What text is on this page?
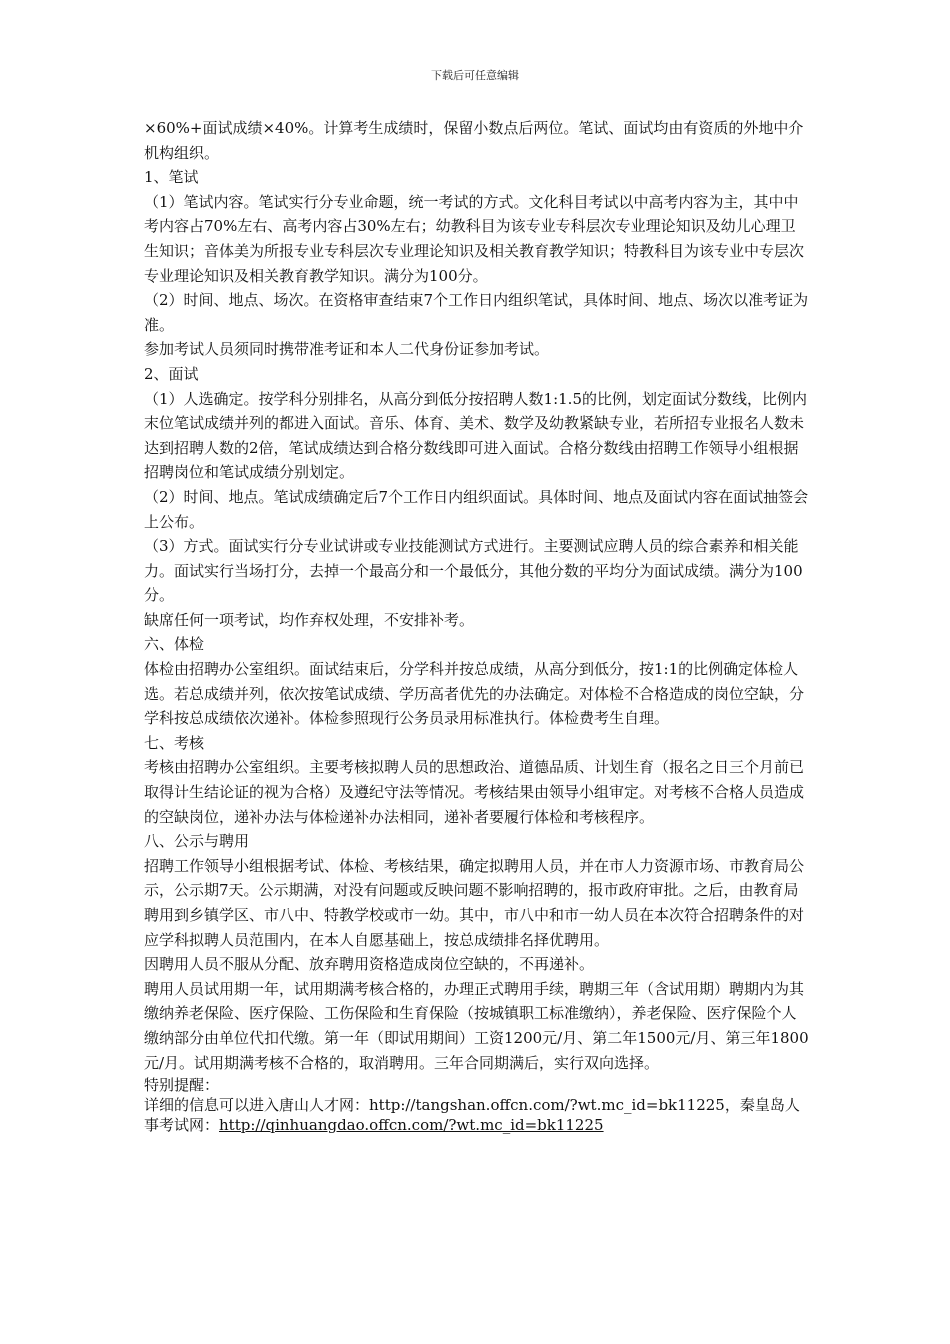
下载后可任意编辑

×60%+面试成绩×40%。计算考生成绩时，保留小数点后两位。笔试、面试均由有资质的外地中介机构组织。

1、笔试

（1）笔试内容。笔试实行分专业命题，统一考试的方式。文化科目考试以中高考内容为主，其中中考内容占70%左右、高考内容占30%左右；幼教科目为该专业专科层次专业理论知识及幼儿心理卫生知识；音体美为所报专业专科层次专业理论知识及相关教育教学知识；特教科目为该专业中专层次专业理论知识及相关教育教学知识。满分为100分。

（2）时间、地点、场次。在资格审查结束7个工作日内组织笔试，具体时间、地点、场次以准考证为准。

参加考试人员须同时携带准考证和本人二代身份证参加考试。

2、面试

（1）人选确定。按学科分别排名，从高分到低分按招聘人数1:1.5的比例，划定面试分数线，比例内末位笔试成绩并列的都进入面试。音乐、体育、美术、数学及幼教紧缺专业，若所招专业报名人数未达到招聘人数的2倍，笔试成绩达到合格分数线即可进入面试。合格分数线由招聘工作领导小组根据招聘岗位和笔试成绩分别划定。

（2）时间、地点。笔试成绩确定后7个工作日内组织面试。具体时间、地点及面试内容在面试抽签会上公布。

（3）方式。面试实行分专业试讲或专业技能测试方式进行。主要测试应聘人员的综合素养和相关能力。面试实行当场打分，去掉一个最高分和一个最低分，其他分数的平均分为面试成绩。满分为100分。

缺席任何一项考试，均作弃权处理，不安排补考。

六、体检

体检由招聘办公室组织。面试结束后，分学科并按总成绩，从高分到低分，按1:1的比例确定体检人选。若总成绩并列，依次按笔试成绩、学历高者优先的办法确定。对体检不合格造成的岗位空缺，分学科按总成绩依次递补。体检参照现行公务员录用标准执行。体检费考生自理。

七、考核

考核由招聘办公室组织。主要考核拟聘人员的思想政治、道德品质、计划生育（报名之日三个月前已取得计生结论证的视为合格）及遵纪守法等情况。考核结果由领导小组审定。对考核不合格人员造成的空缺岗位，递补办法与体检递补办法相同，递补者要履行体检和考核程序。

八、公示与聘用

招聘工作领导小组根据考试、体检、考核结果，确定拟聘用人员，并在市人力资源市场、市教育局公示，公示期7天。公示期满，对没有问题或反映问题不影响招聘的，报市政府审批。之后，由教育局聘用到乡镇学区、市八中、特教学校或市一幼。其中，市八中和市一幼人员在本次符合招聘条件的对应学科拟聘人员范围内，在本人自愿基础上，按总成绩排名择优聘用。

因聘用人员不服从分配、放弃聘用资格造成岗位空缺的，不再递补。

聘用人员试用期一年，试用期满考核合格的，办理正式聘用手续，聘期三年（含试用期）聘期内为其缴纳养老保险、医疗保险、工伤保险和生育保险（按城镇职工标准缴纳），养老保险、医疗保险个人缴纳部分由单位代扣代缴。第一年（即试用期间）工资1200元/月、第二年1500元/月、第三年1800元/月。试用期满考核不合格的，取消聘用。三年合同期满后，实行双向选择。

特别提醒：

详细的信息可以进入唐山人才网：http://tangshan.offcn.com/?wt.mc_id=bk11225，秦皇岛人事考试网：http://qinhuangdao.offcn.com/?wt.mc_id=bk11225
